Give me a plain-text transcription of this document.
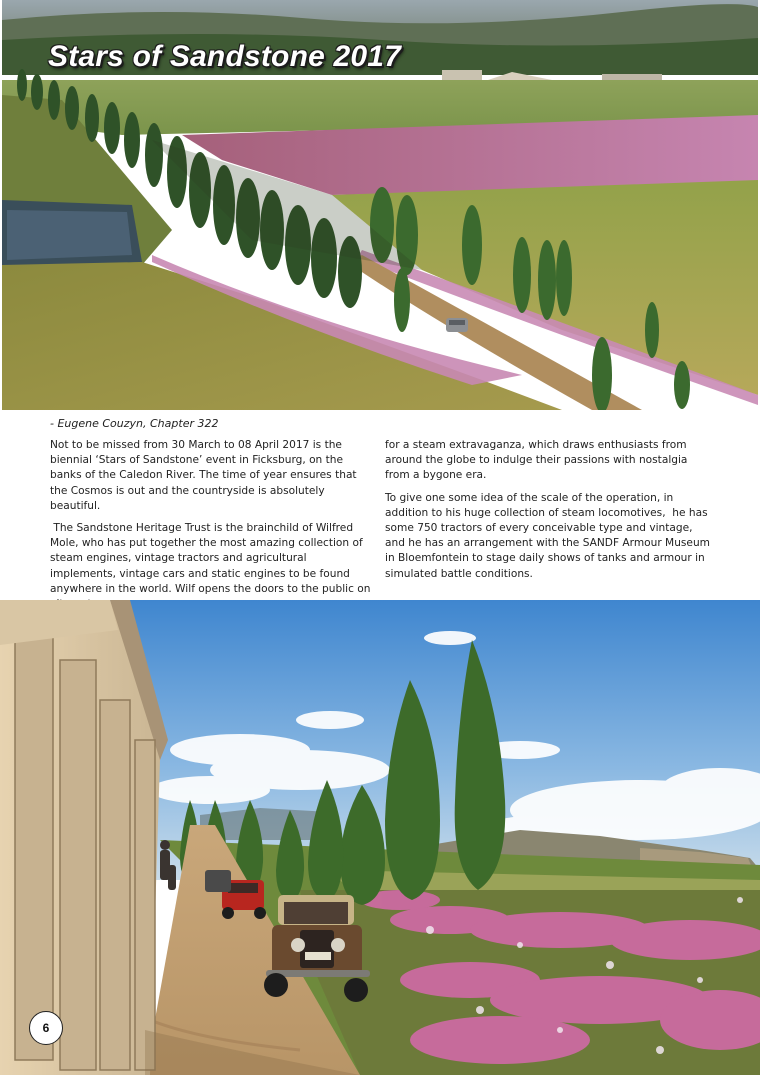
Stars of Sandstone 2017
- Eugene Couzyn, Chapter 322

Not to be missed from 30 March to 08 April 2017 is the biennial ‘Stars of Sandstone’ event in Ficksburg, on the banks of the Caledon River. The time of year ensures that the Cosmos is out and the countryside is absolutely beautiful.

The Sandstone Heritage Trust is the brainchild of Wilfred Mole, who has put together the most amazing collection of steam engines, vintage tractors and agricultural implements, vintage cars and static engines to be found anywhere in the world. Wilf opens the doors to the public on

for a steam extravaganza, which draws enthusiasts from around the globe to indulge their passions with nostalgia from a bygone era.

To give one some idea of the scale of the operation, in addition to his huge collection of steam locomotives,  he has some 750 tractors of every conceivable type and vintage, and he has an arrangement with the SANDF Armour Museum in Bloemfontein to stage daily shows of tanks and armour in simulated battle conditions.

6
